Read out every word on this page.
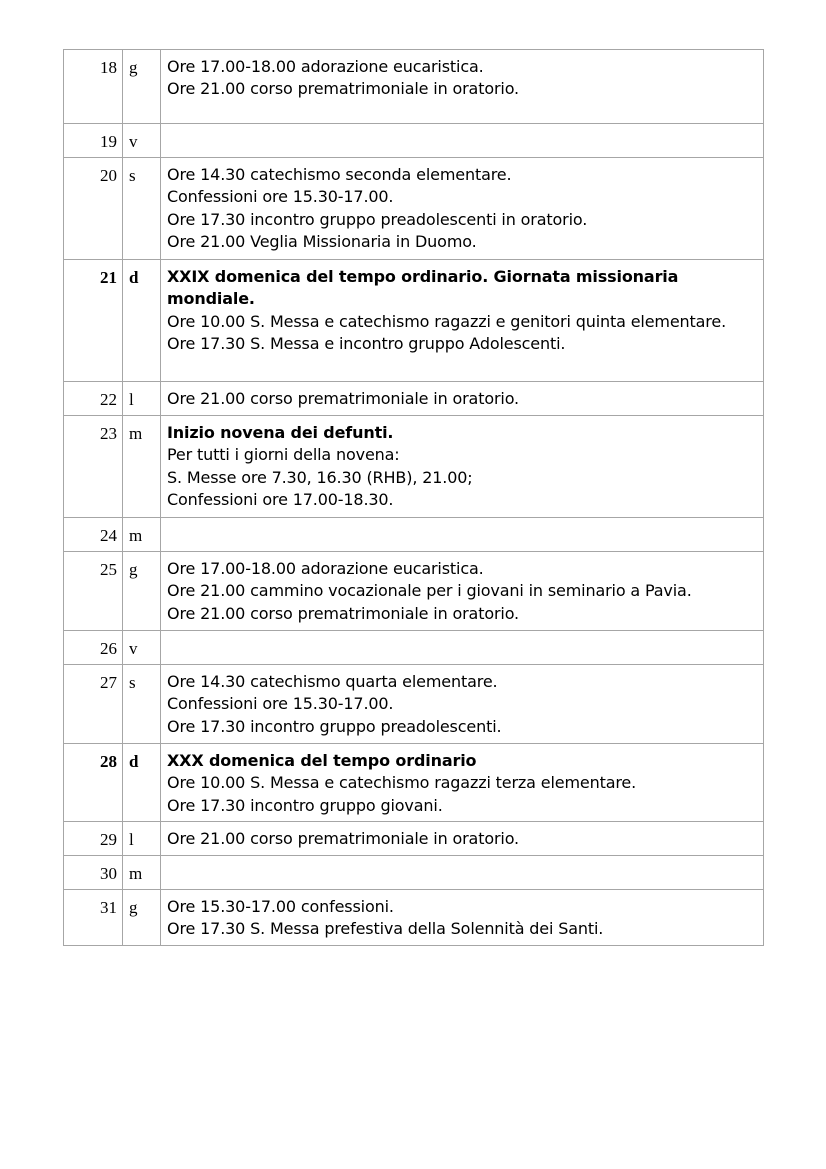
18	g	Ore 17.00-18.00 adorazione eucaristica.
Ore 21.00 corso prematrimoniale in oratorio.

19	v	
20	s	Ore 14.30 catechismo seconda elementare.
Confessioni ore 15.30-17.00.
Ore 17.30 incontro gruppo preadolescenti in oratorio.
Ore 21.00 Veglia Missionaria in Duomo.

21	d	XXIX domenica del tempo ordinario. Giornata missionaria mondiale.
Ore 10.00 S. Messa e catechismo ragazzi e genitori quinta elementare.
Ore 17.30 S. Messa e incontro gruppo Adolescenti.

22	l	Ore 21.00 corso prematrimoniale in oratorio.

23	m	Inizio novena dei defunti.
Per tutti i giorni della novena:
S. Messe ore 7.30, 16.30 (RHB), 21.00;
Confessioni ore 17.00-18.30.

24	m	
25	g	Ore 17.00-18.00 adorazione eucaristica.
Ore 21.00 cammino vocazionale per i giovani in seminario a Pavia.
Ore 21.00 corso prematrimoniale in oratorio.

26	v	
27	s	Ore 14.30 catechismo quarta elementare.
Confessioni ore 15.30-17.00.
Ore 17.30 incontro gruppo preadolescenti.

28	d	XXX domenica del tempo ordinario
Ore 10.00 S. Messa e catechismo ragazzi terza elementare.
Ore 17.30 incontro gruppo giovani.

29	l	Ore 21.00 corso prematrimoniale in oratorio.

30	m	
31	g	Ore 15.30-17.00 confessioni.
Ore 17.30 S. Messa prefestiva della Solennità dei Santi.
